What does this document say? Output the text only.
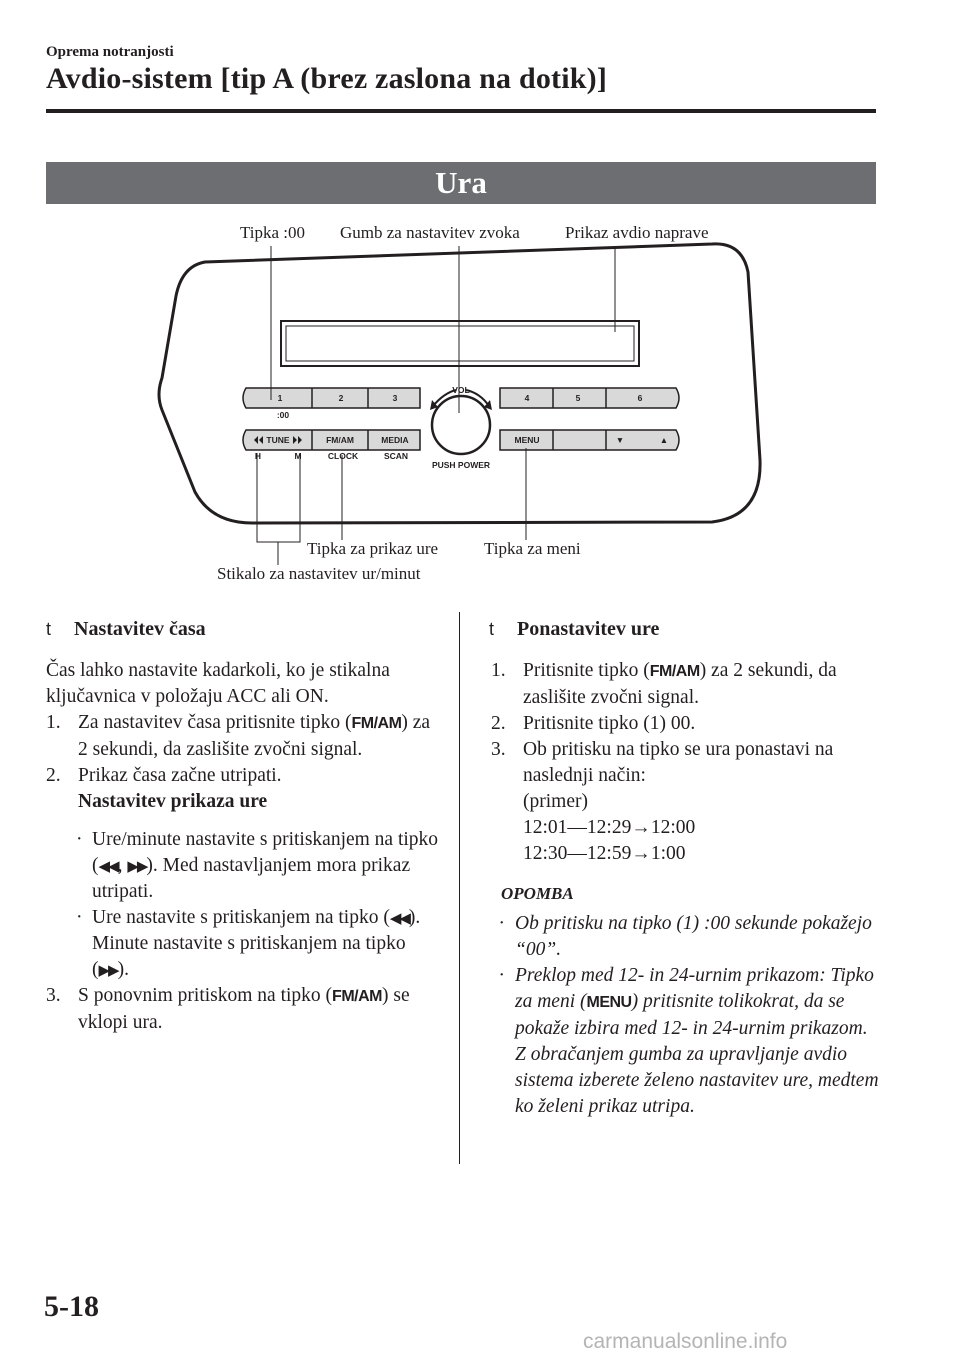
Oprema notranjosti
Avdio-sistem [tip A (brez zaslona na dotik)]
Ura
Tipka :00 Gumb za nastavitev zvoka	Prikaz avdio naprave
Tipka za prikaz ure	Tipka za meni
Stikalo za nastavitev ur/minut
1	2	3	4	5	6
:00
TUNE	FM/AM	MEDIA	MENU
VOL
PUSH POWER
H	M	CLOCK	SCAN
▼	▲

t Nastavitev časa

Čas lahko nastavite kadarkoli, ko je stikalna ključavnica v položaju ACC ali ON.

1. Za nastavitev časa pritisnite tipko (FM/AM) za 2 sekundi, da zaslišite zvočni signal.

2. Prikaz časa začne utripati.

Nastavitev prikaza ure

· Ure/minute nastavite s pritiskanjem na tipko (◀◀, ▶▶). Med nastavljanjem mora prikaz utripati.

· Ure nastavite s pritiskanjem na tipko (◀◀). Minute nastavite s pritiskanjem na tipko (▶▶).

3. S ponovnim pritiskom na tipko (FM/AM) se vklopi ura.

t Ponastavitev ure

1. Pritisnite tipko (FM/AM) za 2 sekundi, da zaslišite zvočni signal.

2. Pritisnite tipko (1) 00.

3. Ob pritisku na tipko se ura ponastavi na naslednji način:

(primer)

12:01―12:29→12:00

12:30―12:59→1:00

OPOMBA

· Ob pritisku na tipko (1) :00 sekunde pokažejo “00”.

· Preklop med 12- in 24-urnim prikazom: Tipko za meni (MENU) pritisnite tolikokrat, da se pokaže izbira med 12- in 24-urnim prikazom. Z obračanjem gumba za upravljanje avdio sistema izberete želeno nastavitev ure, medtem ko želeni prikaz utripa.

5-18
carmanualsonline.info
